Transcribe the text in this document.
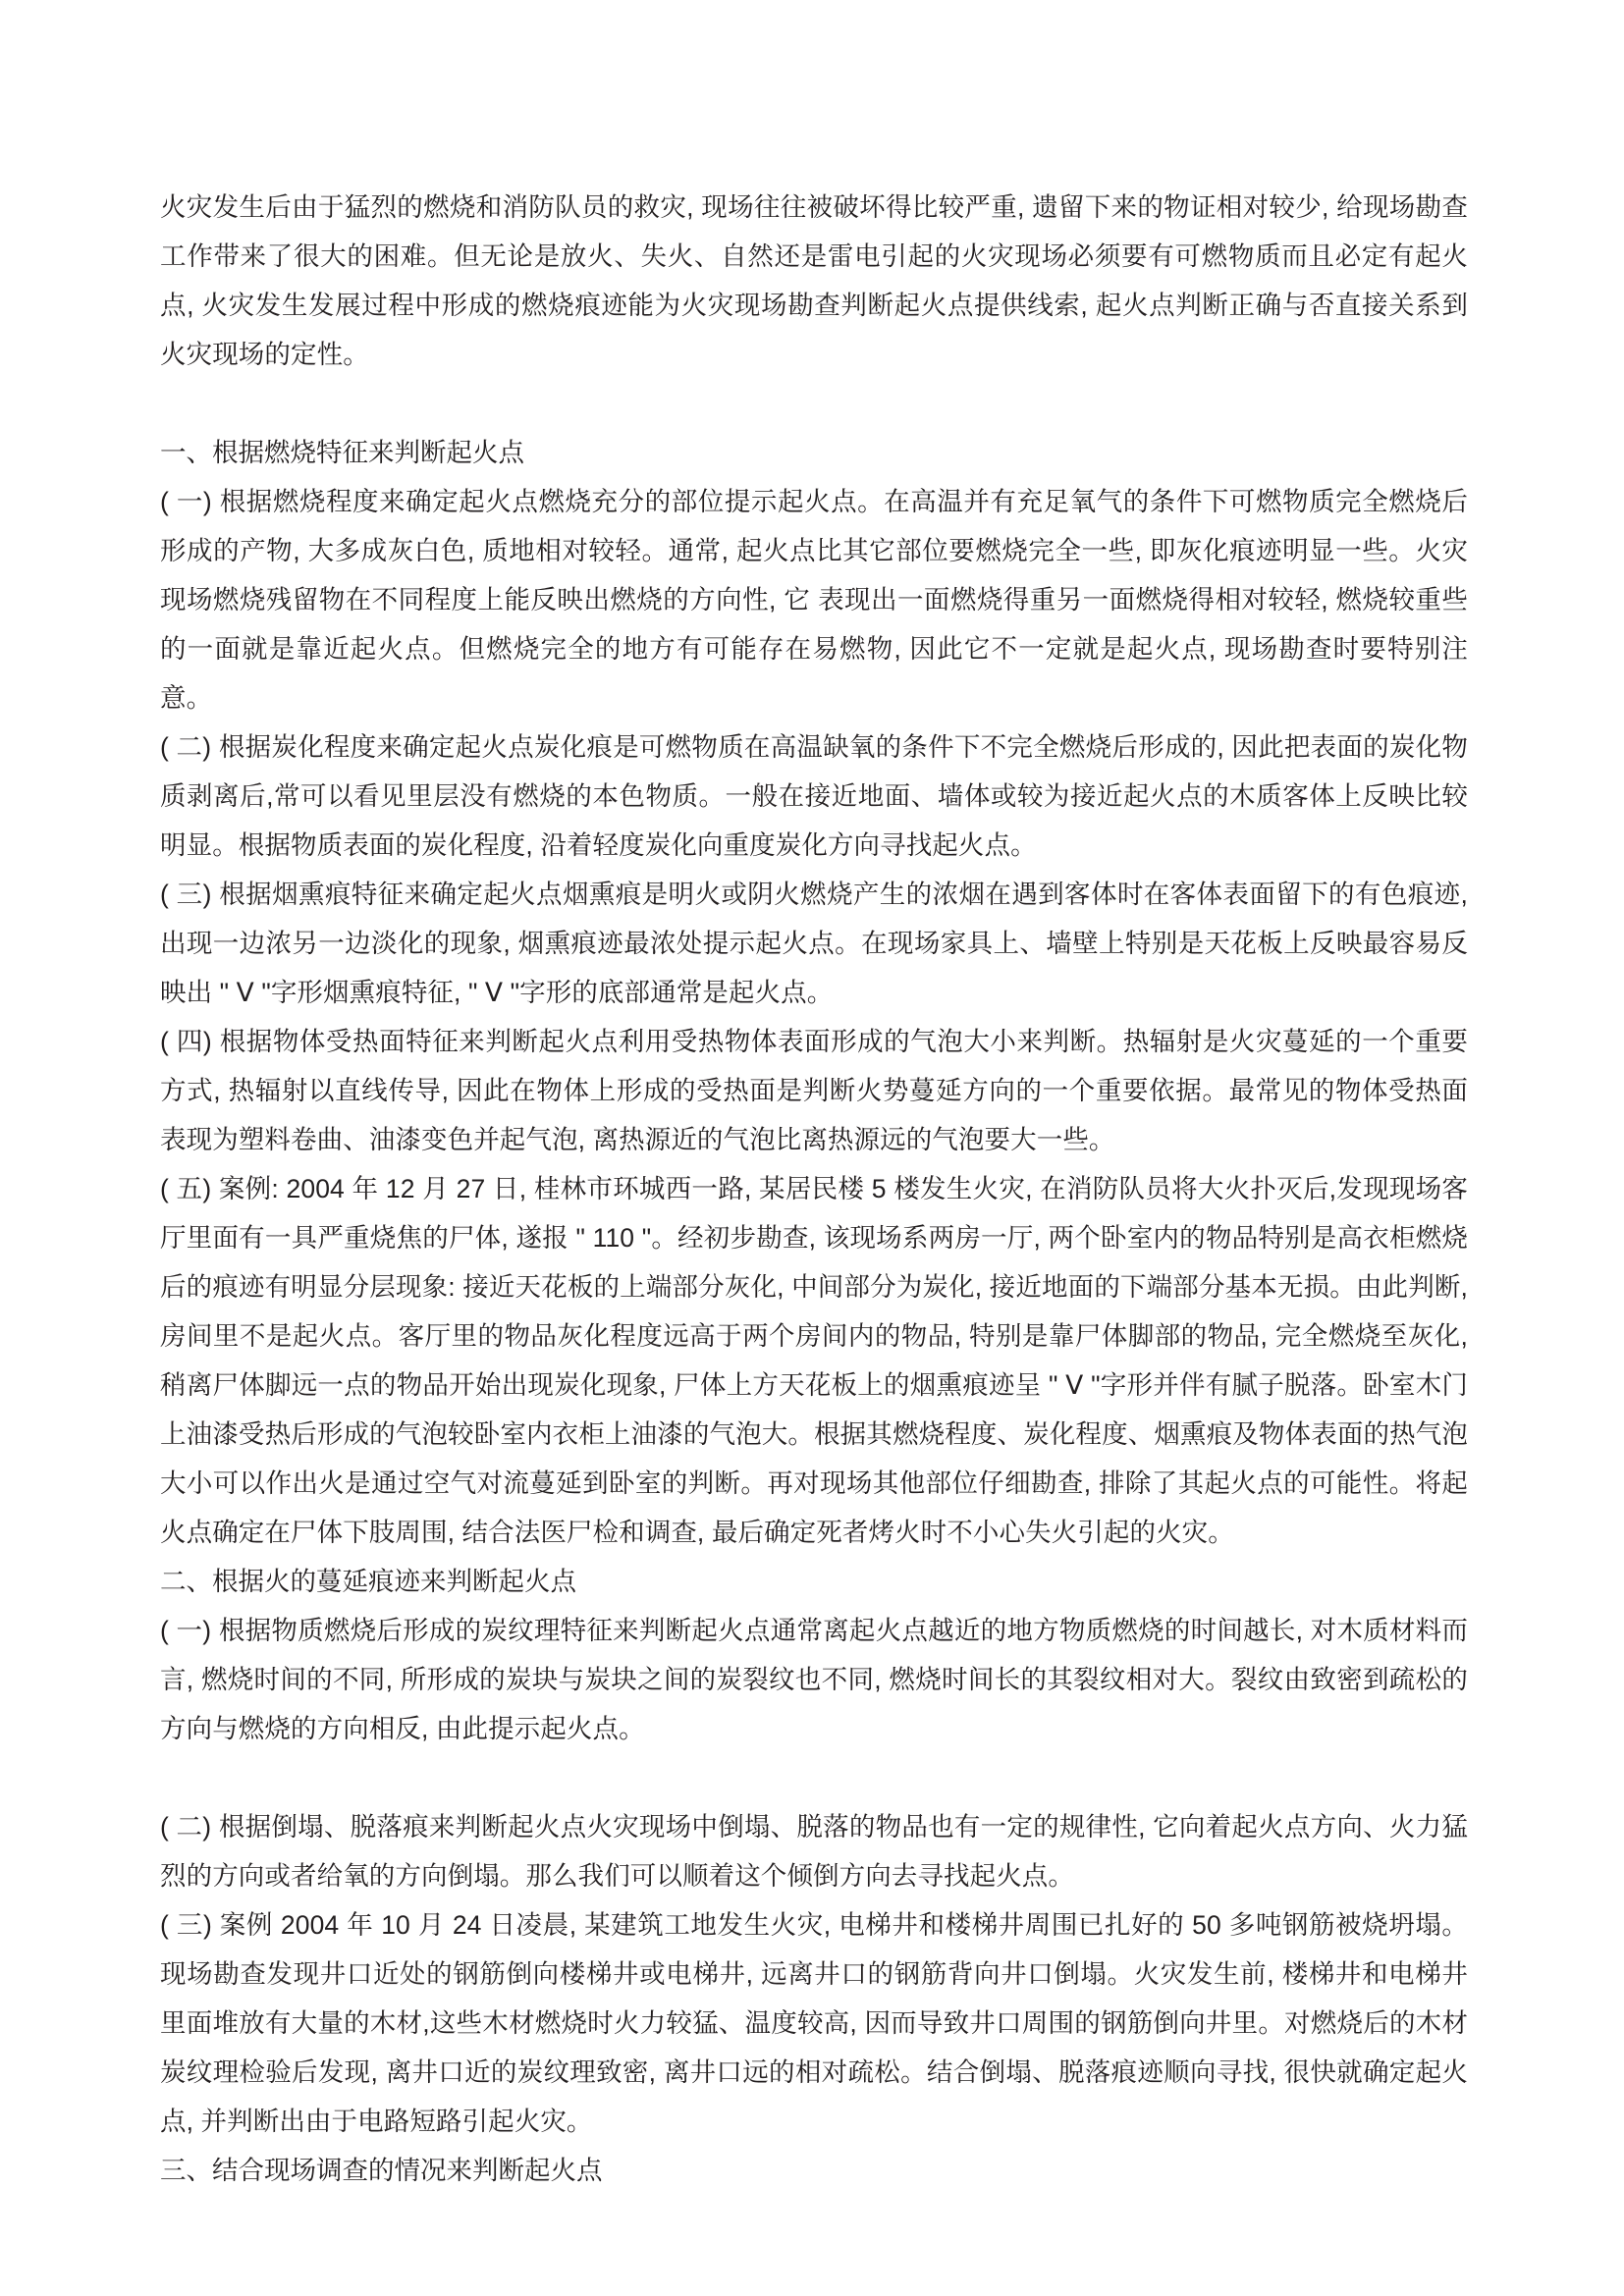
火灾发生后由于猛烈的燃烧和消防队员的救灾, 现场往往被破坏得比较严重, 遗留下来的物证相对较少, 给现场勘查工作带来了很大的困难。但无论是放火、失火、自然还是雷电引起的火灾现场必须要有可燃物质而且必定有起火点, 火灾发生发展过程中形成的燃烧痕迹能为火灾现场勘查判断起火点提供线索, 起火点判断正确与否直接关系到火灾现场的定性。

一、根据燃烧特征来判断起火点

( 一) 根据燃烧程度来确定起火点燃烧充分的部位提示起火点。在高温并有充足氧气的条件下可燃物质完全燃烧后形成的产物, 大多成灰白色, 质地相对较轻。通常, 起火点比其它部位要燃烧完全一些, 即灰化痕迹明显一些。火灾现场燃烧残留物在不同程度上能反映出燃烧的方向性, 它 表现出一面燃烧得重另一面燃烧得相对较轻, 燃烧较重些的一面就是靠近起火点。但燃烧完全的地方有可能存在易燃物, 因此它不一定就是起火点, 现场勘查时要特别注意。

( 二) 根据炭化程度来确定起火点炭化痕是可燃物质在高温缺氧的条件下不完全燃烧后形成的, 因此把表面的炭化物质剥离后,常可以看见里层没有燃烧的本色物质。一般在接近地面、墙体或较为接近起火点的木质客体上反映比较明显。根据物质表面的炭化程度, 沿着轻度炭化向重度炭化方向寻找起火点。

( 三) 根据烟熏痕特征来确定起火点烟熏痕是明火或阴火燃烧产生的浓烟在遇到客体时在客体表面留下的有色痕迹, 出现一边浓另一边淡化的现象, 烟熏痕迹最浓处提示起火点。在现场家具上、墙壁上特别是天花板上反映最容易反映出 " Ⅴ "字形烟熏痕特征, " Ⅴ "字形的底部通常是起火点。

( 四) 根据物体受热面特征来判断起火点利用受热物体表面形成的气泡大小来判断。热辐射是火灾蔓延的一个重要方式, 热辐射以直线传导, 因此在物体上形成的受热面是判断火势蔓延方向的一个重要依据。最常见的物体受热面表现为塑料卷曲、油漆变色并起气泡, 离热源近的气泡比离热源远的气泡要大一些。

( 五) 案例: 2004 年 12 月 27 日, 桂林市环城西一路, 某居民楼 5 楼发生火灾, 在消防队员将大火扑灭后,发现现场客厅里面有一具严重烧焦的尸体, 遂报 " 110 "。经初步勘查, 该现场系两房一厅, 两个卧室内的物品特别是高衣柜燃烧后的痕迹有明显分层现象: 接近天花板的上端部分灰化, 中间部分为炭化, 接近地面的下端部分基本无损。由此判断, 房间里不是起火点。客厅里的物品灰化程度远高于两个房间内的物品, 特别是靠尸体脚部的物品, 完全燃烧至灰化, 稍离尸体脚远一点的物品开始出现炭化现象, 尸体上方天花板上的烟熏痕迹呈 " Ⅴ "字形并伴有腻子脱落。卧室木门上油漆受热后形成的气泡较卧室内衣柜上油漆的气泡大。根据其燃烧程度、炭化程度、烟熏痕及物体表面的热气泡大小可以作出火是通过空气对流蔓延到卧室的判断。再对现场其他部位仔细勘查, 排除了其起火点的可能性。将起火点确定在尸体下肢周围, 结合法医尸检和调查, 最后确定死者烤火时不小心失火引起的火灾。

二、根据火的蔓延痕迹来判断起火点

( 一) 根据物质燃烧后形成的炭纹理特征来判断起火点通常离起火点越近的地方物质燃烧的时间越长, 对木质材料而言, 燃烧时间的不同, 所形成的炭块与炭块之间的炭裂纹也不同, 燃烧时间长的其裂纹相对大。裂纹由致密到疏松的方向与燃烧的方向相反, 由此提示起火点。

( 二) 根据倒塌、脱落痕来判断起火点火灾现场中倒塌、脱落的物品也有一定的规律性, 它向着起火点方向、火力猛烈的方向或者给氧的方向倒塌。那么我们可以顺着这个倾倒方向去寻找起火点。

( 三) 案例 2004 年 10 月 24 日凌晨, 某建筑工地发生火灾, 电梯井和楼梯井周围已扎好的 50 多吨钢筋被烧坍塌。现场勘查发现井口近处的钢筋倒向楼梯井或电梯井, 远离井口的钢筋背向井口倒塌。火灾发生前, 楼梯井和电梯井里面堆放有大量的木材,这些木材燃烧时火力较猛、温度较高, 因而导致井口周围的钢筋倒向井里。对燃烧后的木材炭纹理检验后发现, 离井口近的炭纹理致密, 离井口远的相对疏松。结合倒塌、脱落痕迹顺向寻找, 很快就确定起火点, 并判断出由于电路短路引起火灾。

三、结合现场调查的情况来判断起火点
